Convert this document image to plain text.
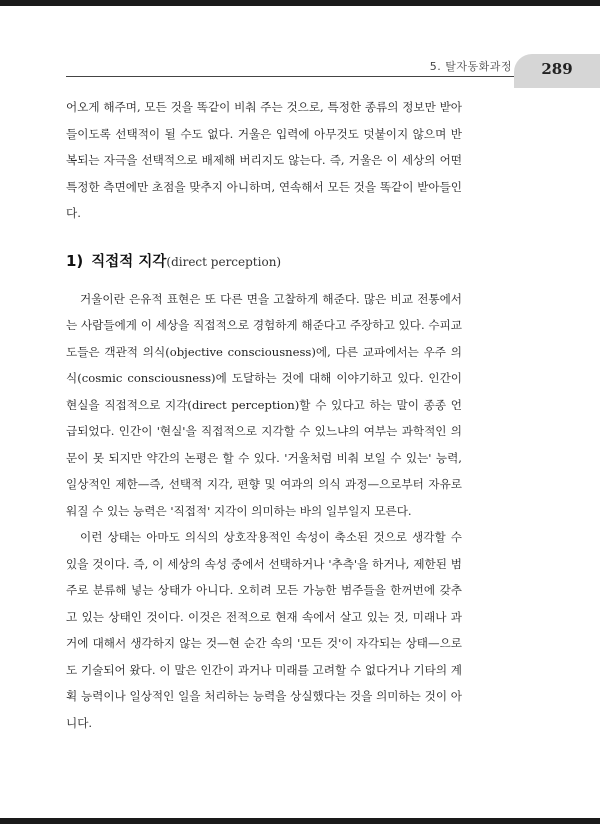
5. 탈자동화과정	289

어오게 해주며, 모든 것을 똑같이 비춰 주는 것으로, 특정한 종류의 정보만 받아들이도록 선택적이 될 수도 없다. 거울은 입력에 아무것도 덧붙이지 않으며 반복되는 자극을 선택적으로 배제해 버리지도 않는다. 즉, 거울은 이 세상의 어떤 특정한 측면에만 초점을 맞추지 아니하며, 연속해서 모든 것을 똑같이 받아들인다.

1) 직접적 지각 (direct perception)

거울이란 은유적 표현은 또 다른 면을 고찰하게 해준다. 많은 비교 전통에서는 사람들에게 이 세상을 직접적으로 경험하게 해준다고 주장하고 있다. 수피교도들은 객관적 의식(objective consciousness)에, 다른 교파에서는 우주 의식(cosmic consciousness)에 도달하는 것에 대해 이야기하고 있다. 인간이 현실을 직접적으로 지각(direct perception)할 수 있다고 하는 말이 종종 언급되었다. 인간이 '현실'을 직접적으로 지각할 수 있느냐의 여부는 과학적인 의문이 못 되지만 약간의 논평은 할 수 있다. '거울처럼 비춰 보일 수 있는' 능력, 일상적인 제한—즉, 선택적 지각, 편향 및 여과의 의식 과정—으로부터 자유로워질 수 있는 능력은 '직접적' 지각이 의미하는 바의 일부일지 모른다.

이런 상태는 아마도 의식의 상호작용적인 속성이 축소된 것으로 생각할 수 있을 것이다. 즉, 이 세상의 속성 중에서 선택하거나 '추측'을 하거나, 제한된 범주로 분류해 넣는 상태가 아니다. 오히려 모든 가능한 범주들을 한꺼번에 갖추고 있는 상태인 것이다. 이것은 전적으로 현재 속에서 살고 있는 것, 미래나 과거에 대해서 생각하지 않는 것—현 순간 속의 '모든 것'이 자각되는 상태—으로도 기술되어 왔다. 이 말은 인간이 과거나 미래를 고려할 수 없다거나 기타의 계획 능력이나 일상적인 일을 처리하는 능력을 상실했다는 것을 의미하는 것이 아니다.
